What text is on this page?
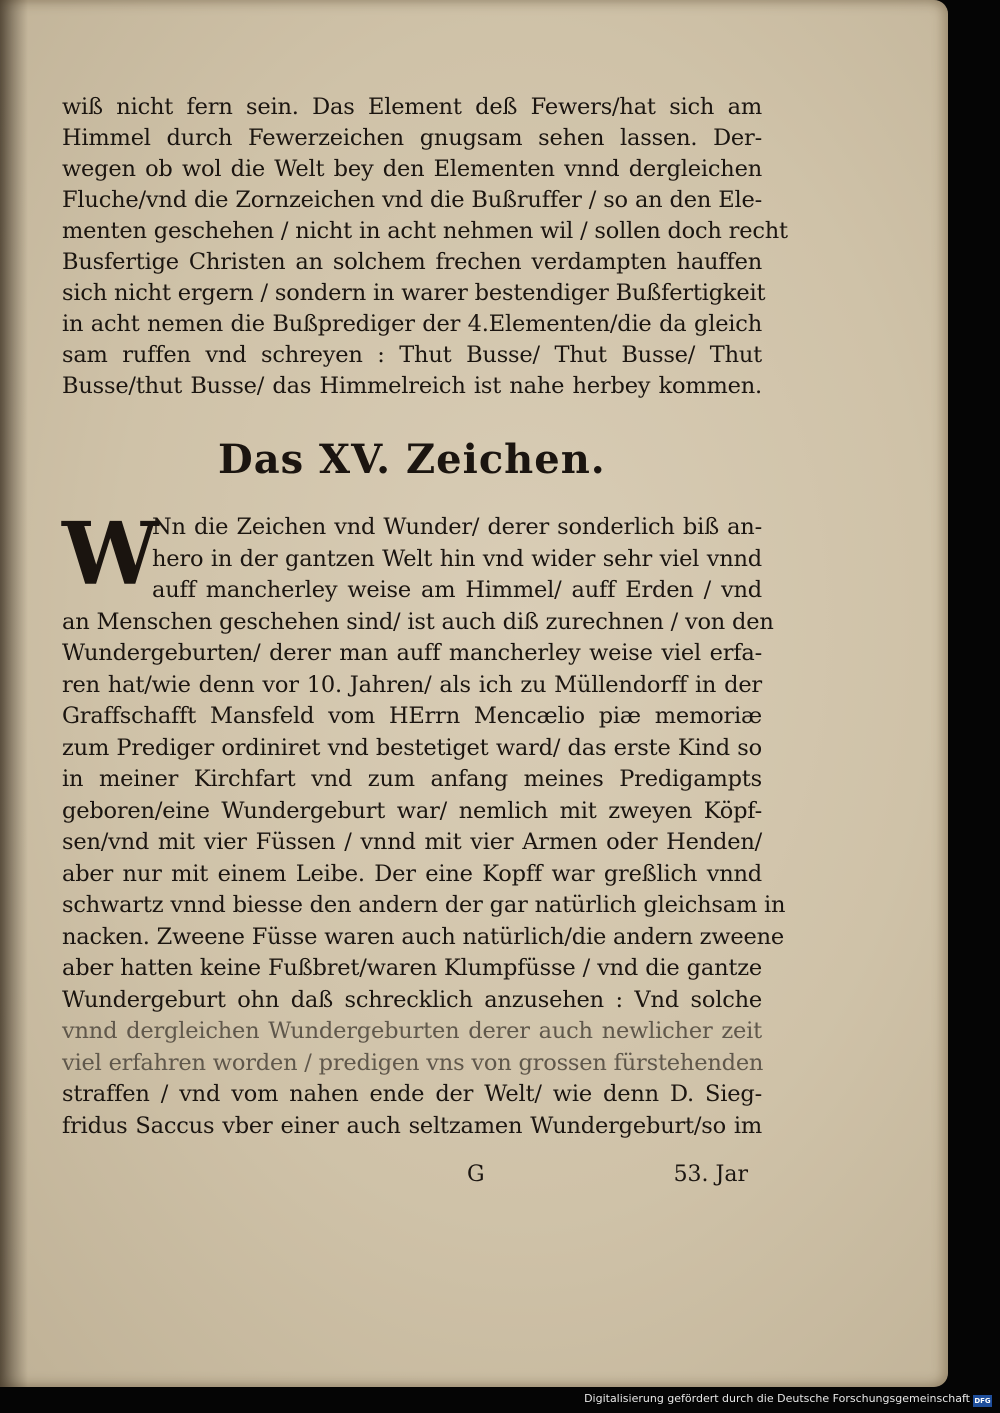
wiß nicht fern sein. Das Element deß Fewers/hat sich am
Himmel durch Fewerzeichen gnugsam sehen lassen. Der-
wegen ob wol die Welt bey den Elementen vnnd dergleichen
Fluche/vnd die Zornzeichen vnd die Bußruffer / so an den Ele-
menten geschehen / nicht in acht nehmen wil / sollen doch recht
Busfertige Christen an solchem frechen verdampten hauffen
sich nicht ergern / sondern in warer bestendiger Bußfertigkeit
in acht nemen die Bußprediger der 4.Elementen/die da gleich
sam ruffen vnd schreyen : Thut Busse/ Thut Busse/ Thut
Busse/thut Busse/ das Himmelreich ist nahe herbey kommen.
Das XV. Zeichen.
W
Nn die Zeichen vnd Wunder/ derer sonderlich biß an-
hero in der gantzen Welt hin vnd wider sehr viel vnnd
auff mancherley weise am Himmel/ auff Erden / vnd
an Menschen geschehen sind/ ist auch diß zurechnen / von den
Wundergeburten/ derer man auff mancherley weise viel erfa-
ren hat/wie denn vor 10. Jahren/ als ich zu Müllendorff in der
Graffschafft Mansfeld vom HErrn Mencælio piæ memoriæ
zum Prediger ordiniret vnd bestetiget ward/ das erste Kind so
in meiner Kirchfart vnd zum anfang meines Predigampts
geboren/eine Wundergeburt war/ nemlich mit zweyen Köpf-
sen/vnd mit vier Füssen / vnnd mit vier Armen oder Henden/
aber nur mit einem Leibe. Der eine Kopff war greßlich vnnd
schwartz vnnd biesse den andern der gar natürlich gleichsam in
nacken. Zweene Füsse waren auch natürlich/die andern zweene
aber hatten keine Fußbret/waren Klumpfüsse / vnd die gantze
Wundergeburt ohn daß schrecklich anzusehen : Vnd solche
vnnd dergleichen Wundergeburten derer auch newlicher zeit
viel erfahren worden / predigen vns von grossen fürstehenden
straffen / vnd vom nahen ende der Welt/ wie denn D. Sieg-
fridus Saccus vber einer auch seltzamen Wundergeburt/so im
G	53. Jar
Digitalisierung gefördert durch die Deutsche Forschungsgemeinschaft DFG
